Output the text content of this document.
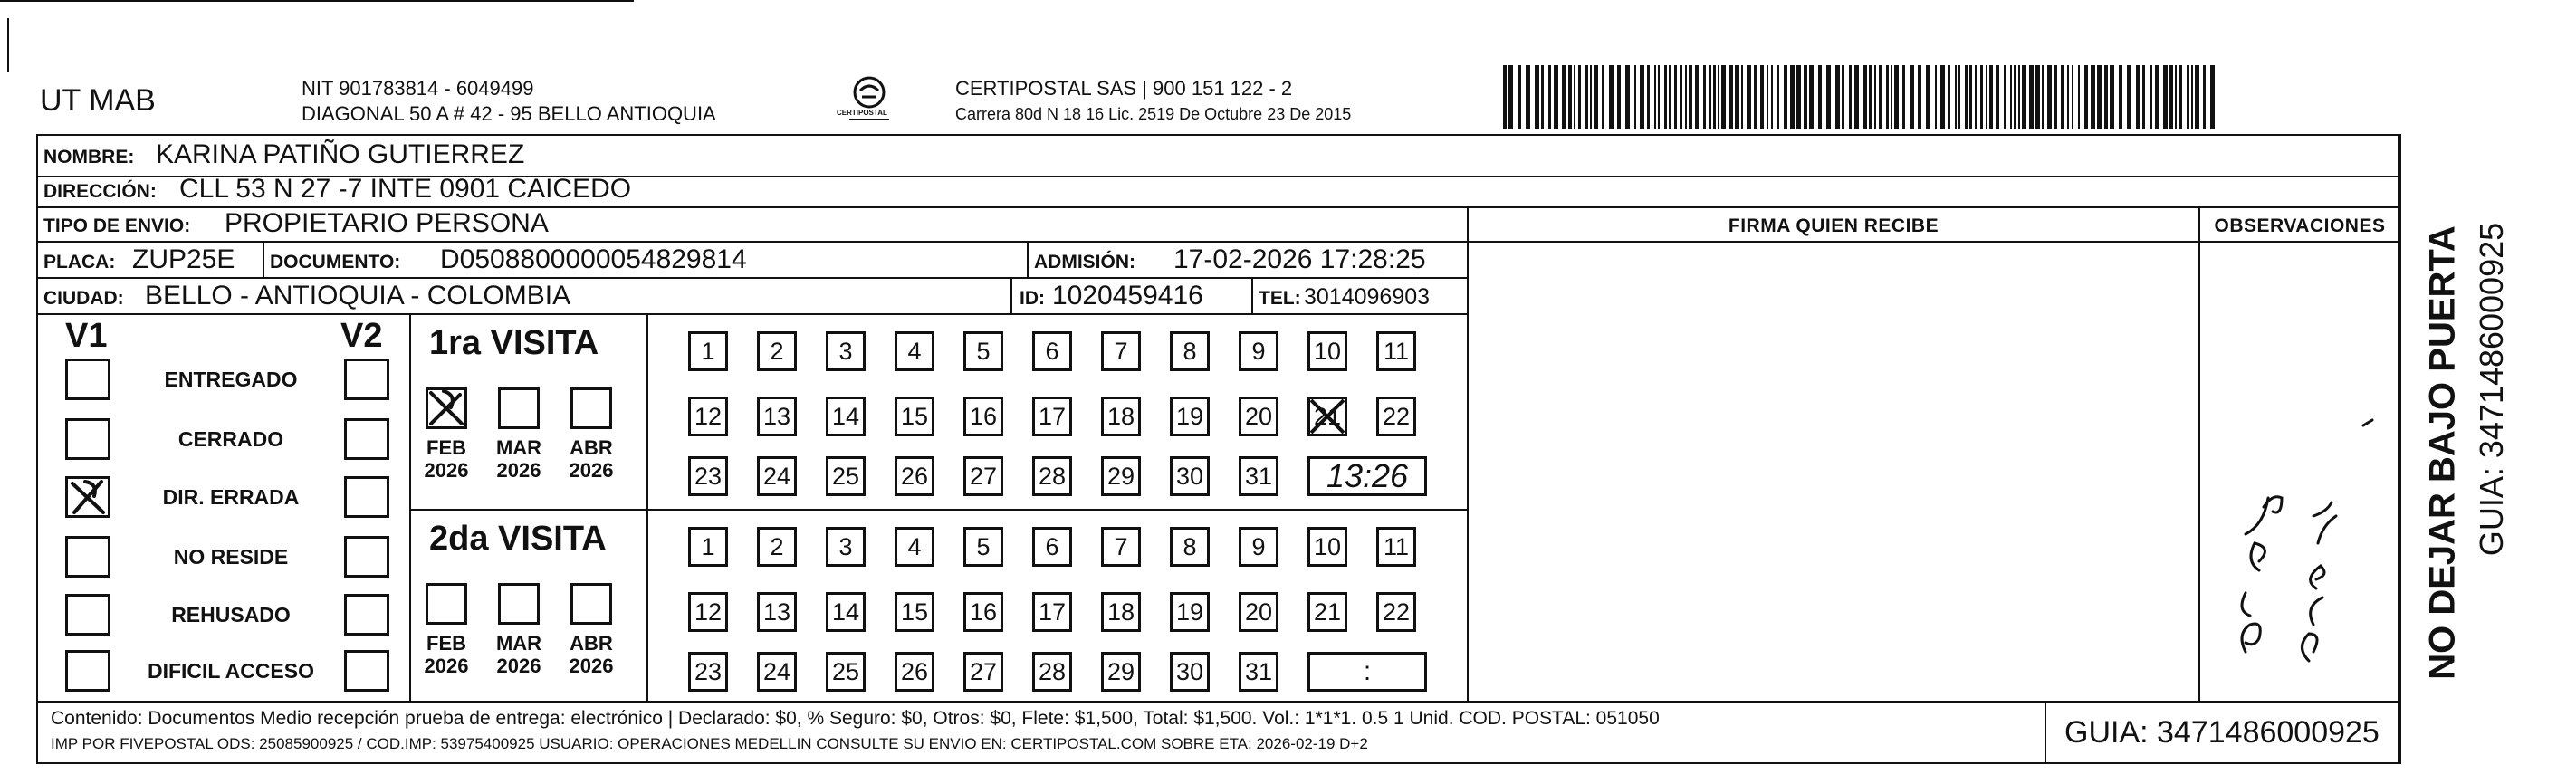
UT MAB	NIT 901783814 - 6049499
DIAGONAL 50 A # 42 - 95 BELLO ANTIOQUIA	CERTIPOSTAL
CERTIPOSTAL SAS | 900 151 122 - 2
Carrera 80d N 18 16 Lic. 2519 De Octubre 23 De 2015
NOMBRE: KARINA PATIÑO GUTIERREZ
DIRECCIÓN: CLL 53 N 27 -7 INTE 0901 CAICEDO
TIPO DE ENVIO: PROPIETARIO PERSONA	FIRMA QUIEN RECIBE	OBSERVACIONES
PLACA: ZUP25E DOCUMENTO: D0508800000054829814	ADMISIÓN: 17-02-2026 17:28:25
CIUDAD: BELLO - ANTIOQUIA - COLOMBIA	ID: 1020459416	TEL: 3014096903
V1	V2
ENTREGADO
CERRADO
DIR. ERRADA
NO RESIDE
REHUSADO
DIFICIL ACCESO
1ra VISITA
FEB
2026
MAR
2026
ABR
2026
1	2	3	4	5	6	7	8	9	10 11
12 13 14 15 16 17 18 19 20 21 22
23 24 25 26 27 28 29 30 31	13:26
2da VISITA
FEB
2026
MAR
2026
ABR
2026
1	2	3	4	5	6	7	8	9	10 11
12 13 14 15 16 17 18 19 20 21 22
23 24 25 26 27 28 29 30 31	:
Contenido: Documentos Medio recepción prueba de entrega: electrónico | Declarado: $0, % Seguro: $0, Otros: $0, Flete: $1,500, Total: $1,500. Vol.: 1*1*1. 0.5 1 Unid. COD. POSTAL: 051050
IMP POR FIVEPOSTAL ODS: 25085900925 / COD.IMP: 53975400925 USUARIO: OPERACIONES MEDELLIN CONSULTE SU ENVIO EN: CERTIPOSTAL.COM SOBRE ETA: 2026-02-19 D+2	GUIA: 3471486000925
NO DEJAR BAJO PUERTA GUIA: 3471486000925
